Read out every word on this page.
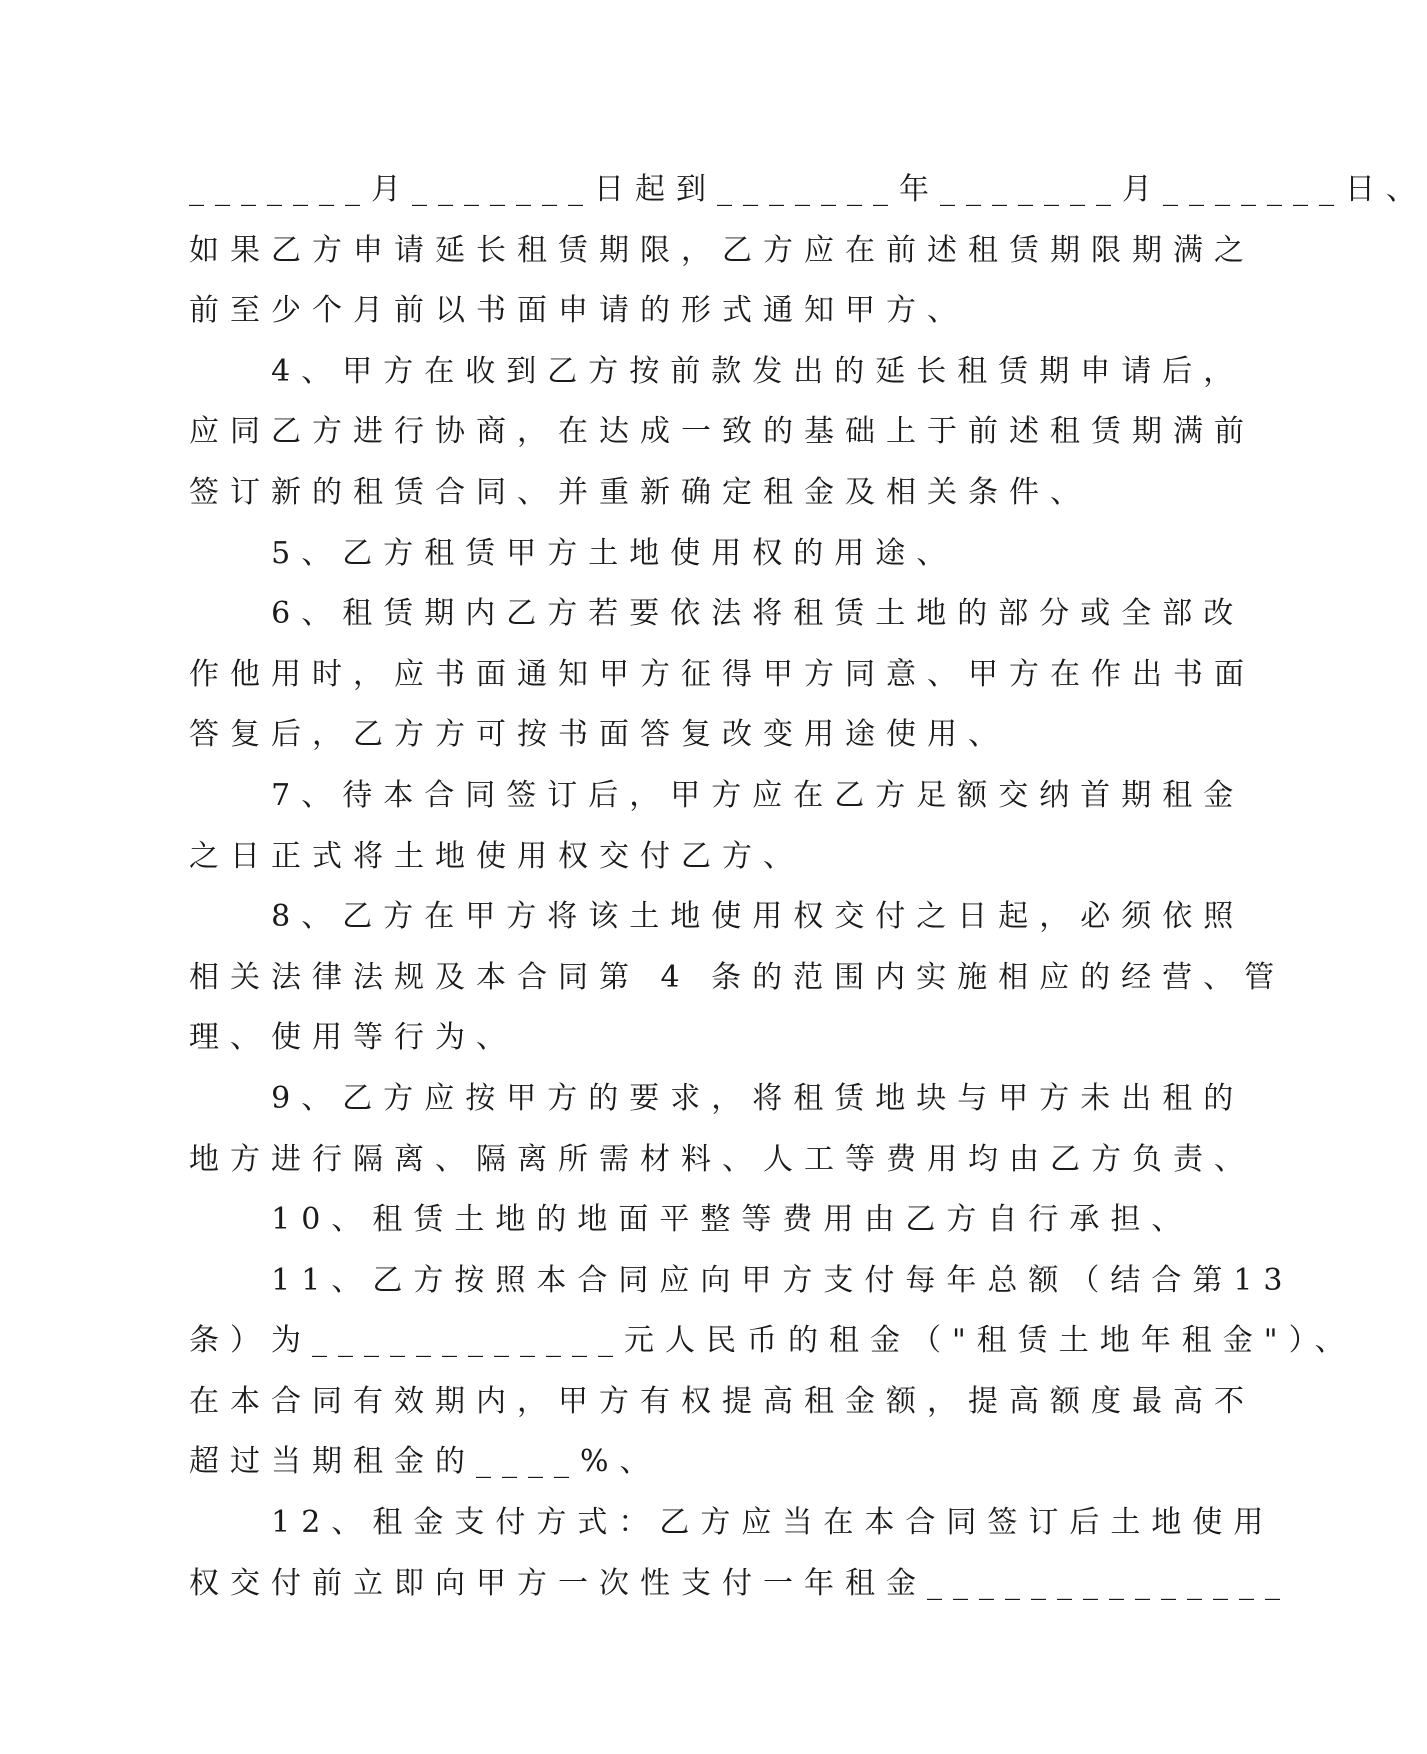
_______月_______日起到_______年_______月_______日、
如果乙方申请延长租赁期限，乙方应在前述租赁期限期满之
前至少个月前以书面申请的形式通知甲方、
4、甲方在收到乙方按前款发出的延长租赁期申请后，
应同乙方进行协商，在达成一致的基础上于前述租赁期满前
签订新的租赁合同、并重新确定租金及相关条件、
5、乙方租赁甲方土地使用权的用途、
6、租赁期内乙方若要依法将租赁土地的部分或全部改
作他用时，应书面通知甲方征得甲方同意、甲方在作出书面
答复后，乙方方可按书面答复改变用途使用、
7、待本合同签订后，甲方应在乙方足额交纳首期租金
之日正式将土地使用权交付乙方、
8、乙方在甲方将该土地使用权交付之日起，必须依照
相关法律法规及本合同第 4 条的范围内实施相应的经营、管
理、使用等行为、
9、乙方应按甲方的要求，将租赁地块与甲方未出租的
地方进行隔离、隔离所需材料、人工等费用均由乙方负责、
10、租赁土地的地面平整等费用由乙方自行承担、
11、乙方按照本合同应向甲方支付每年总额（结合第13
条）为____________元人民币的租金（"租赁土地年租金"）、
在本合同有效期内，甲方有权提高租金额，提高额度最高不
超过当期租金的____%、
12、租金支付方式：乙方应当在本合同签订后土地使用
权交付前立即向甲方一次性支付一年租金______________
